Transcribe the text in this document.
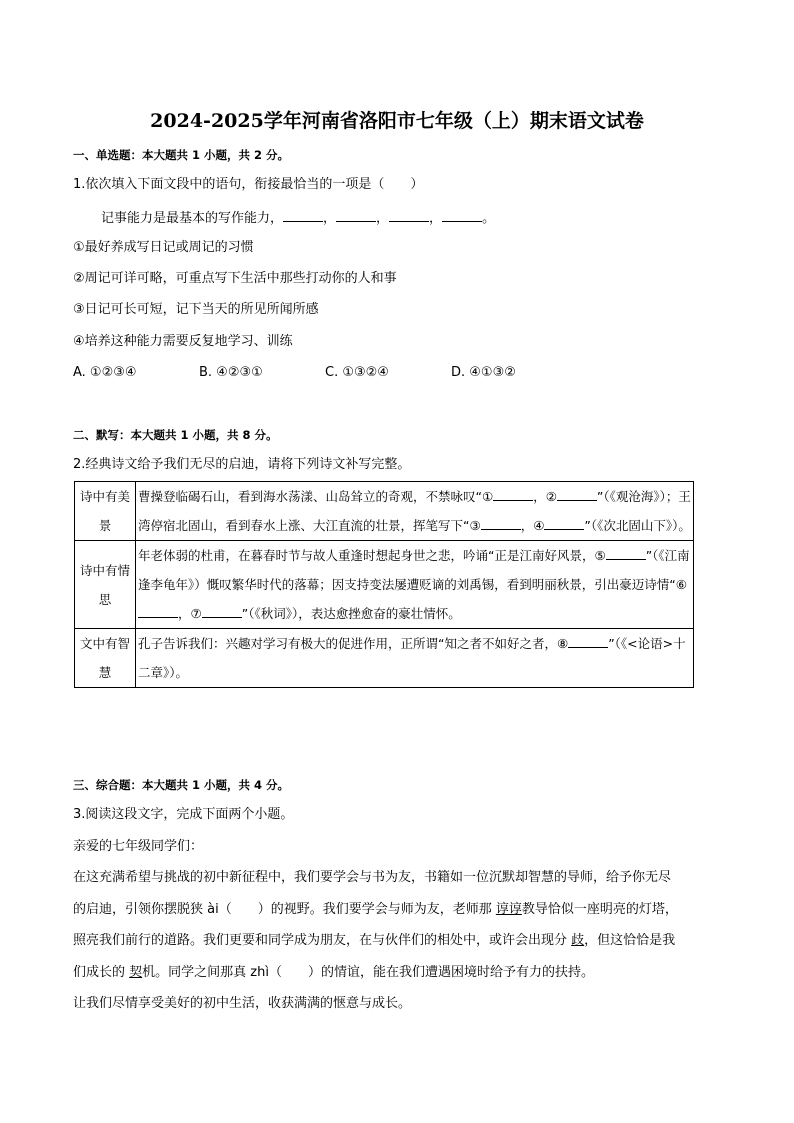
2024-2025学年河南省洛阳市七年级（上）期末语文试卷
一、单选题：本大题共 1 小题，共 2 分。
1.依次填入下面文段中的语句，衔接最恰当的一项是（　　）
记事能力是最基本的写作能力，	，	，	，	。
①最好养成写日记或周记的习惯
②周记可详可略，可重点写下生活中那些打动你的人和事
③日记可长可短，记下当天的所见所闻所感
④培养这种能力需要反复地学习、训练
A. ①②③④	B. ④②③①	C. ①③②④	D. ④①③②
二、默写：本大题共 1 小题，共 8 分。
2.经典诗文给予我们无尽的启迪，请将下列诗文补写完整。
诗中有美景	曹操登临碣石山，看到海水荡漾、山岛耸立的奇观，不禁咏叹“① ，② ”（《观沧海》）；王湾停宿北固山，看到春水上涨、大江直流的壮景，挥笔写下“③ ，④ ”（《次北固山下》）。
诗中有情思	年老体弱的杜甫，在暮春时节与故人重逢时想起身世之悲，吟诵“正是江南好风景，⑤ ”（《江南逢李龟年》）慨叹繁华时代的落幕；因支持变法屡遭贬谪的刘禹锡，看到明丽秋景，引出豪迈诗情“⑥，⑦ ”（《秋词》），表达愈挫愈奋的豪壮情怀。
文中有智慧	孔子告诉我们：兴趣对学习有极大的促进作用，正所谓“知之者不如好之者，⑧ ”（《<论语>十二章》）。
三、综合题：本大题共 1 小题，共 4 分。
3.阅读这段文字，完成下面两个小题。
亲爱的七年级同学们：
在这充满希望与挑战的初中新征程中，我们要学会与书为友，书籍如一位沉默却智慧的导师，给予你无尽
的启迪，引领你摆脱狭 ài（　　）的视野。我们要学会与师为友，老师那 谆谆教导恰似一座明亮的灯塔，
照亮我们前行的道路。我们更要和同学成为朋友，在与伙伴们的相处中，或许会出现分 歧，但这恰恰是我
们成长的 契机。同学之间那真 zhì（　　）的情谊，能在我们遭遇困境时给予有力的扶持。
让我们尽情享受美好的初中生活，收获满满的惬意与成长。
